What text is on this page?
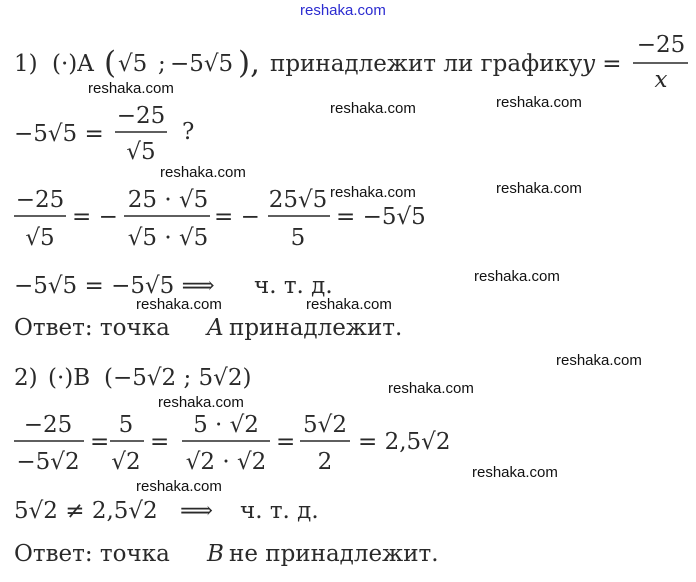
reshaka.com
1) (·)A ( √5 ; −5√5 ), принадлежит ли графику y =
−25
x
−5√5 =
−25
√5
?
−25
√5
= −
25 · √5
√5 · √5
= −
25√5
5
= −5√5
−5√5 = −5√5 ⟹ ч. т. д.
Ответ: точка A принадлежит.
2) (·)B (−5√2 ; 5√2)
−25
−5√2
=
5
√2
=
5 · √2
√2 · √2
=
5√2
2
= 2,5√2
5√2 ≠ 2,5√2 ⟹ ч. т. д.
Ответ: точка B не принадлежит.
reshaka.com
reshaka.com	reshaka.com
reshaka.com
reshaka.com	reshaka.com
reshaka.com
reshaka.com	reshaka.com
reshaka.com
reshaka.com
reshaka.com
reshaka.com
reshaka.com
